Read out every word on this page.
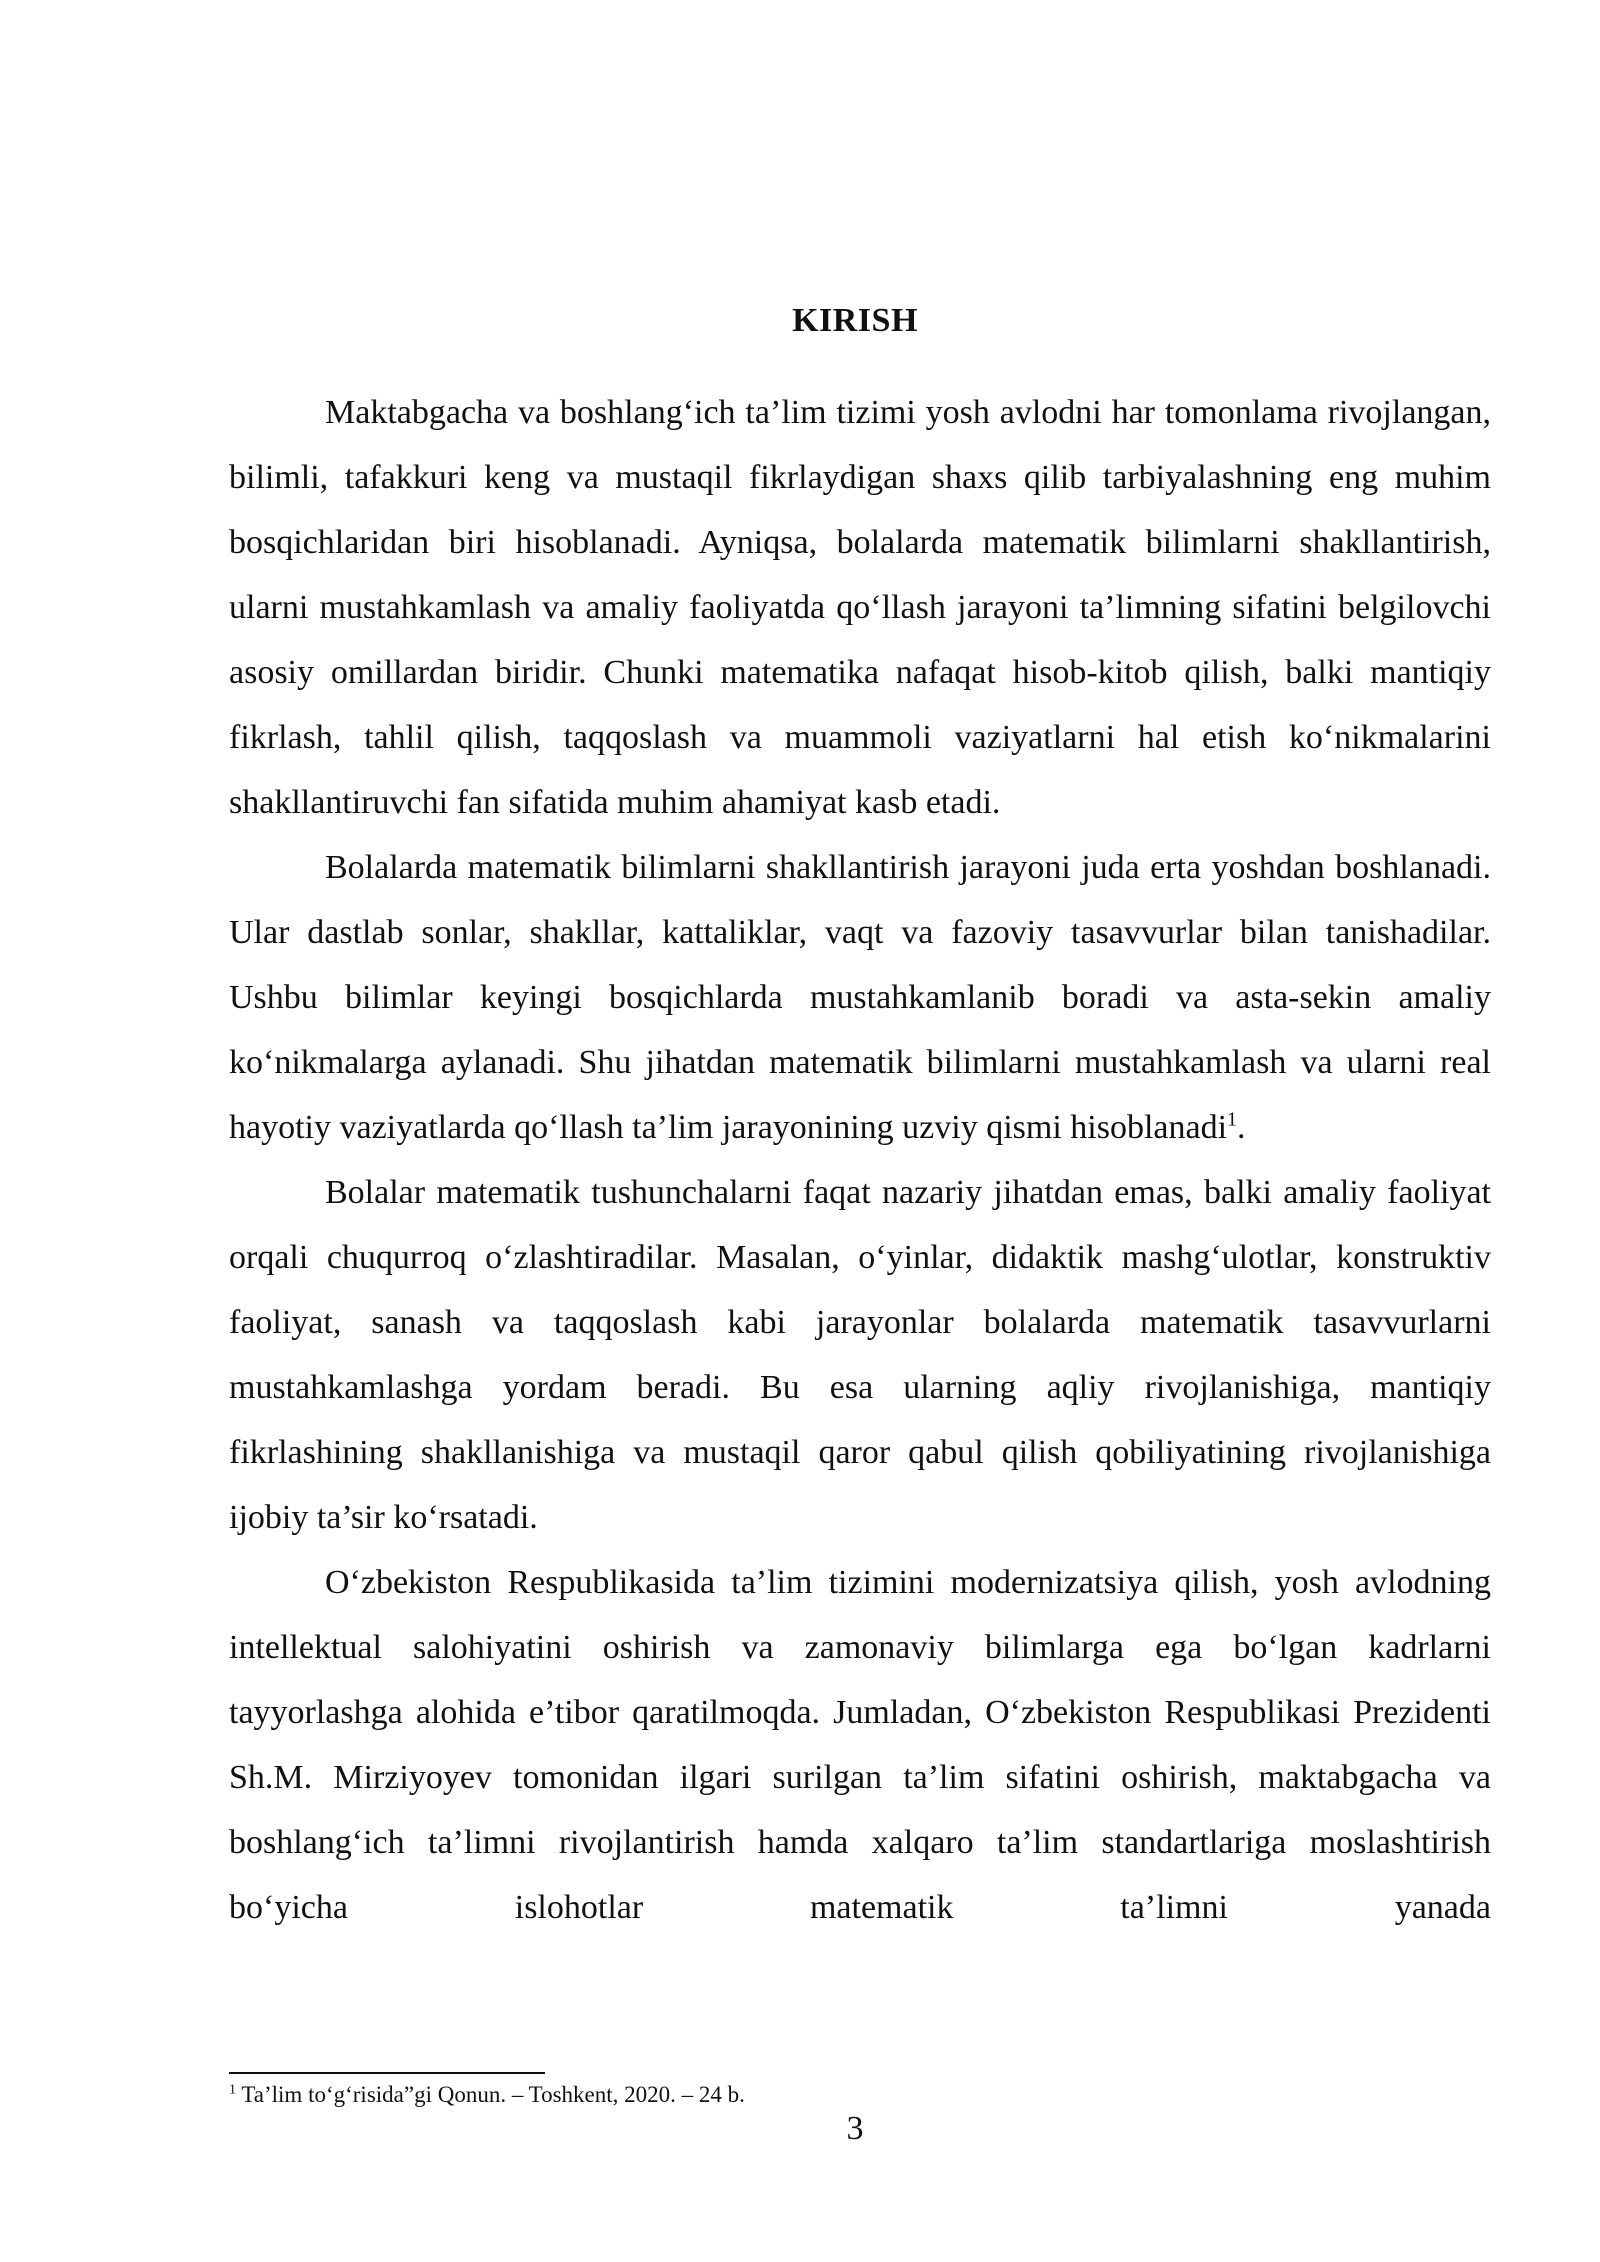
KIRISH

Maktabgacha va boshlang‘ich ta’lim tizimi yosh avlodni har tomonlama rivojlangan, bilimli, tafakkuri keng va mustaqil fikrlaydigan shaxs qilib tarbiyalashning eng muhim bosqichlaridan biri hisoblanadi. Ayniqsa, bolalarda matematik bilimlarni shakllantirish, ularni mustahkamlash va amaliy faoliyatda qo‘llash jarayoni ta’limning sifatini belgilovchi asosiy omillardan biridir. Chunki matematika nafaqat hisob-kitob qilish, balki mantiqiy fikrlash, tahlil qilish, taqqoslash va muammoli vaziyatlarni hal etish ko‘nikmalarini shakllantiruvchi fan sifatida muhim ahamiyat kasb etadi.

Bolalarda matematik bilimlarni shakllantirish jarayoni juda erta yoshdan boshlanadi. Ular dastlab sonlar, shakllar, kattaliklar, vaqt va fazoviy tasavvurlar bilan tanishadilar. Ushbu bilimlar keyingi bosqichlarda mustahkamlanib boradi va asta-sekin amaliy ko‘nikmalarga aylanadi. Shu jihatdan matematik bilimlarni mustahkamlash va ularni real hayotiy vaziyatlarda qo‘llash ta’lim jarayonining uzviy qismi hisoblanadi$^1$.

Bolalar matematik tushunchalarni faqat nazariy jihatdan emas, balki amaliy faoliyat orqali chuqurroq o‘zlashtiradilar. Masalan, o‘yinlar, didaktik mashg‘ulotlar, konstruktiv faoliyat, sanash va taqqoslash kabi jarayonlar bolalarda matematik tasavvurlarni mustahkamlashga yordam beradi. Bu esa ularning aqliy rivojlanishiga, mantiqiy fikrlashining shakllanishiga va mustaqil qaror qabul qilish qobiliyatining rivojlanishiga ijobiy ta’sir ko‘rsatadi.

O‘zbekiston Respublikasida ta’lim tizimini modernizatsiya qilish, yosh avlodning intellektual salohiyatini oshirish va zamonaviy bilimlarga ega bo‘lgan kadrlarni tayyorlashga alohida e’tibor qaratilmoqda. Jumladan, O‘zbekiston Respublikasi Prezidenti Sh.M. Mirziyoyev tomonidan ilgari surilgan ta’lim sifatini oshirish, maktabgacha va boshlang‘ich ta’limni rivojlantirish hamda xalqaro ta’lim standartlariga moslashtirish bo‘yicha islohotlar matematik ta’limni yanada

$^1$ Ta’lim to‘g‘risida”gi Qonun. – Toshkent, 2020. – 24 b.
3
